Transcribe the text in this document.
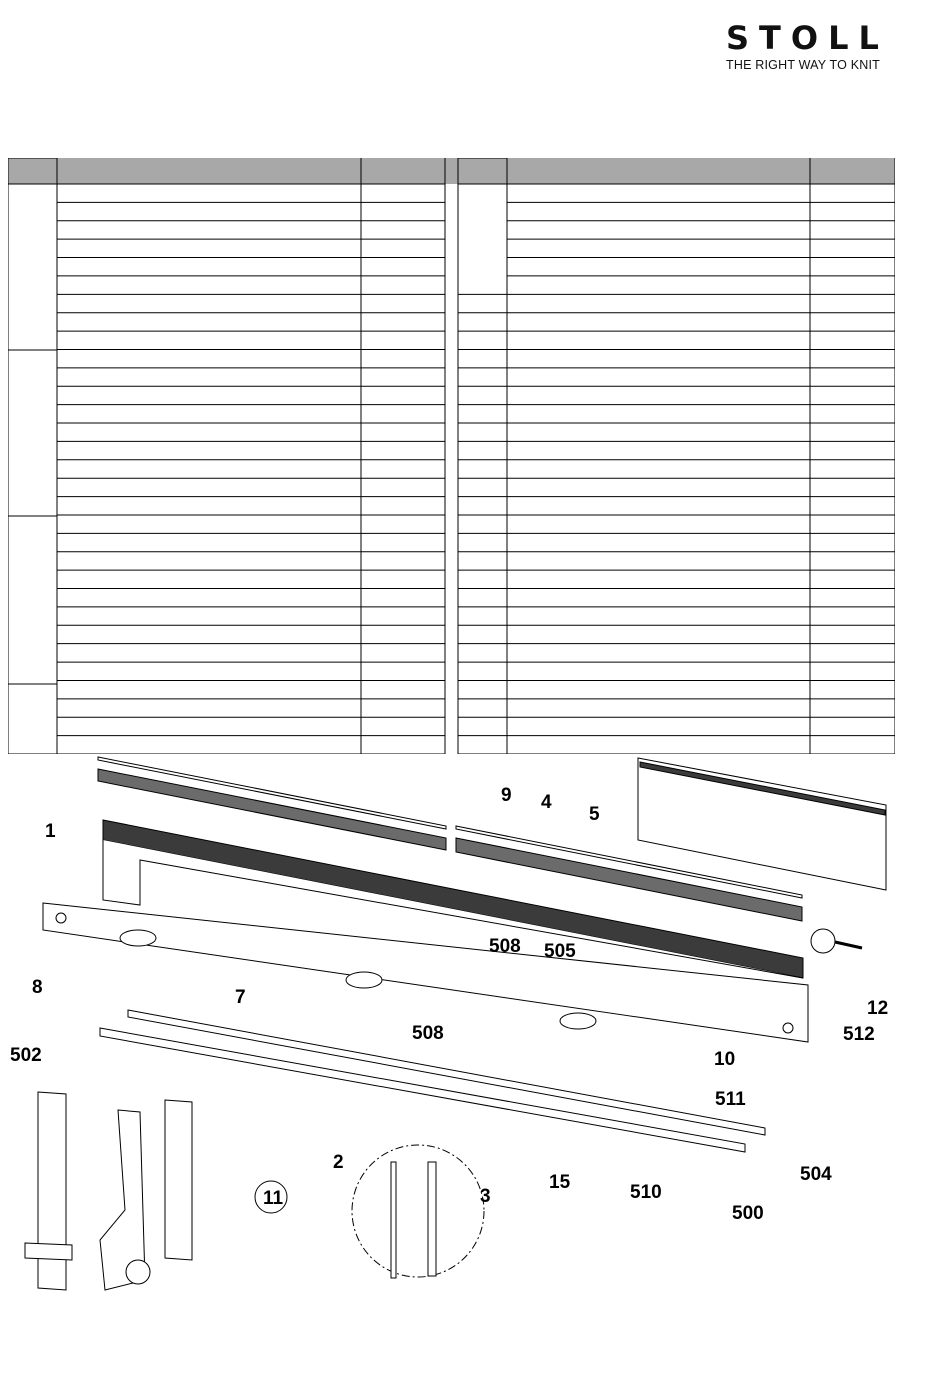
STOLL
THE RIGHT WAY TO KNIT
1
2
3
4
5
7
8
9
10
11
12
15
500
502
504
505
508
508
510
511
512
